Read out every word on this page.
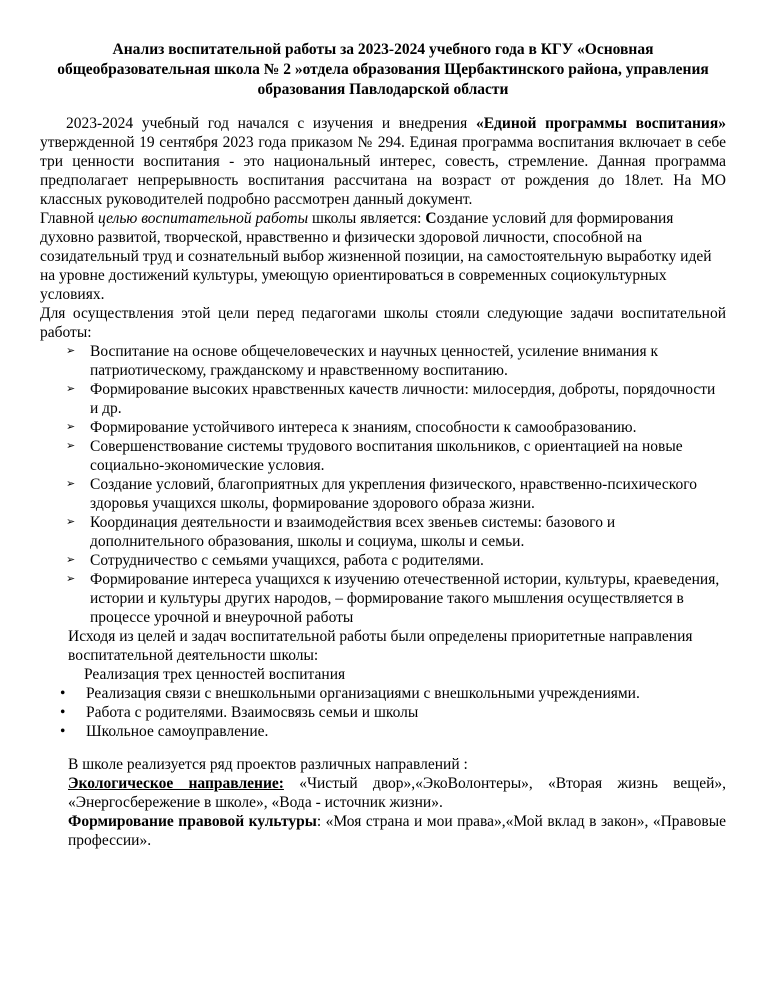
Анализ воспитательной работы за 2023-2024 учебного года в КГУ «Основная общеобразовательная школа № 2 »отдела образования Щербактинского района, управления образования Павлодарской области

2023-2024 учебный год начался с изучения и внедрения «Единой программы воспитания» утвержденной 19 сентября 2023 года приказом № 294. Единая программа воспитания включает в себе три ценности воспитания - это национальный интерес, совесть, стремление. Данная программа предполагает непрерывность воспитания рассчитана на возраст от рождения до 18лет. На МО классных руководителей подробно рассмотрен данный документ.

Главной целью воспитательной работы школы является: Создание условий для формирования духовно развитой, творческой, нравственно и физически здоровой личности, способной на созидательный труд и сознательный выбор жизненной позиции, на самостоятельную выработку идей на уровне достижений культуры, умеющую ориентироваться в современных социокультурных условиях.

Для осуществления этой цели перед педагогами школы стояли следующие задачи воспитательной работы:

➢ Воспитание на основе общечеловеческих и научных ценностей, усиление внимания к патриотическому, гражданскому и нравственному воспитанию.
➢ Формирование высоких нравственных качеств личности: милосердия, доброты, порядочности и др.
➢ Формирование устойчивого интереса к знаниям, способности к самообразованию.
➢ Совершенствование системы трудового воспитания школьников, с ориентацией на новые социально-экономические условия.
➢ Создание условий, благоприятных для укрепления физического, нравственно-психического здоровья учащихся школы, формирование здорового образа жизни.
➢ Координация деятельности и взаимодействия всех звеньев системы: базового и дополнительного образования, школы и социума, школы и семьи.
➢ Сотрудничество с семьями учащихся, работа с родителями.
➢ Формирование интереса учащихся к изучению отечественной истории, культуры, краеведения, истории и культуры других народов, – формирование такого мышления осуществляется в процессе урочной и внеурочной работы

Исходя из целей и задач воспитательной работы были определены приоритетные направления воспитательной деятельности школы:

Реализация трех ценностей воспитания

• Реализация связи с внешкольными организациями с внешкольными учреждениями.
• Работа с родителями. Взаимосвязь семьи и школы
• Школьное самоуправление.

В школе реализуется ряд проектов различных направлений :

Экологическое направление: «Чистый двор»,«ЭкоВолонтеры», «Вторая жизнь вещей», «Энергосбережение в школе», «Вода - источник жизни».

Формирование правовой культуры: «Моя страна и мои права»,«Мой вклад в закон», «Правовые профессии».
